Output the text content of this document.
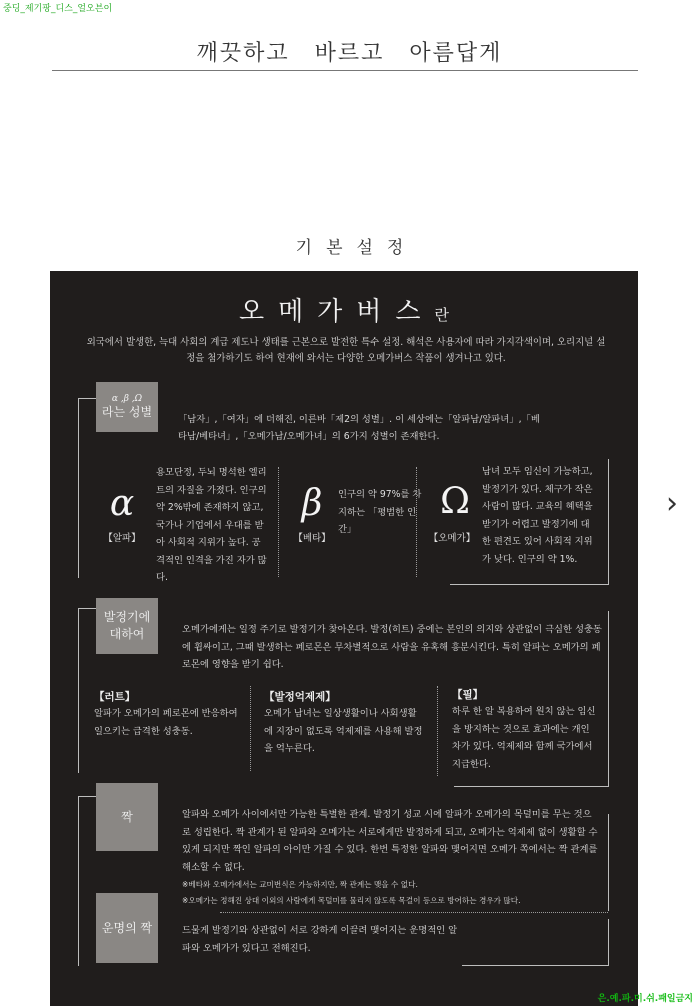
중딩_제기팡_디스_얼오븐이
깨끗하고 바르고 아름답게
기본설정
오메가버스란
외국에서 발생한, 늑대 사회의 계급 제도나 생태를 근본으로 발전한 특수 설정. 해석은 사용자에 따라 가지각색이며, 오리지널 설정을 첨가하기도 하여 현재에 와서는 다양한 오메가버스 작품이 생겨나고 있다.
α ,β ,Ω
라는 성별
「남자」,「여자」에 더해진, 이른바「제2의 성별」. 이 세상에는「알파남/알파녀」,「베타남/베타녀」,「오메가남/오메가녀」의 6가지 성별이 존재한다.
α
【알파】
용모단정, 두뇌 명석한 엘리트의 자질을 가졌다. 인구의 약 2%밖에 존재하지 않고, 국가나 기업에서 우대를 받아 사회적 지위가 높다. 공격적인 인격을 가진 자가 많다.
β
【베타】
인구의 약 97%를 차지하는 「평범한 인간」
Ω
【오메가】
남녀 모두 임신이 가능하고, 발정기가 있다. 체구가 작은 사람이 많다. 교육의 혜택을 받기가 어렵고 발정기에 대한 편견도 있어 사회적 지위가 낮다. 인구의 약 1%.
발정기에
대하여	오메가에게는 일정 주기로 발정기가 찾아온다. 발정(히트) 중에는 본인의 의지와 상관없이 극심한 성충동에 휩싸이고, 그때 발생하는 페로몬은 무차별적으로 사람을 유혹해 흥분시킨다. 특히 알파는 오메가의 페로몬에 영향을 받기 쉽다.
【러트】
알파가 오메가의 페로몬에 반응하여 일으키는 급격한 성충동.
【발정억제제】
오메가 남녀는 일상생활이나 사회생활에 지장이 없도록 억제제를 사용해 발정을 억누른다.
【필】
하루 한 알 복용하여 원치 않는 임신을 방지하는 것으로 효과에는 개인차가 있다. 억제제와 함께 국가에서 지급한다.
짝	알파와 오메가 사이에서만 가능한 특별한 관계. 발정기 성교 시에 알파가 오메가의 목덜미를 무는 것으로 성립한다. 짝 관계가 된 알파와 오메가는 서로에게만 발정하게 되고, 오메가는 억제제 없이 생활할 수 있게 되지만 짝인 알파의 아이만 가질 수 있다. 한번 특정한 알파와 맺어지면 오메가 쪽에서는 짝 관계를 해소할 수 없다.
※베타와 오메가에서는 교미번식은 가능하지만, 짝 관계는 맺을 수 없다.
※오메가는 정해진 상대 이외의 사람에게 목덜미를 물리지 않도록 목걸이 등으로 방어하는 경우가 많다.
운명의 짝	드물게 발정기와 상관없이 서로 강하게 이끌려 맺어지는 운명적인 알파와 오메가가 있다고 전해진다.
›
은.예.파.미.쉬.패일금지
